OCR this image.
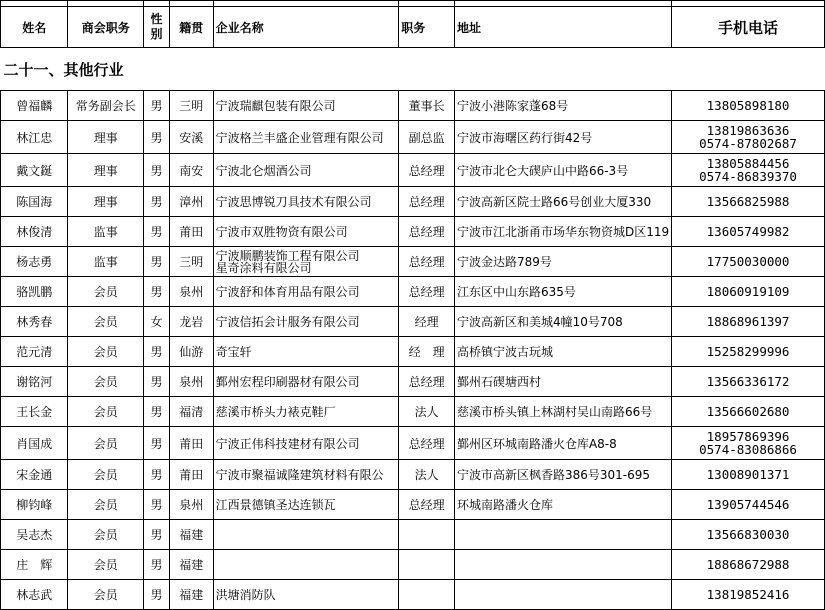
姓名	商会职务	性
别	籍贯	企业名称	职务	地址	手机电话
二十一、其他行业							
曾福麟	常务副会长	男	三明	宁波瑞麒包装有限公司	董事长	宁波小港陈家蓬68号	13805898180
林江忠	理事	男	安溪	宁波格兰丰盛企业管理有限公司	副总监	宁波市海曙区药行街42号	13819863636
0574-87802687

戴文鋋	理事	男	南安	宁波北仑烟酒公司	总经理	宁波市北仑大碶庐山中路66-3号	13805884456
0574-86839370

陈国海	理事	男	漳州	宁波思博锐刀具技术有限公司	总经理	宁波高新区院士路66号创业大厦330	13566825988
林俊清	监事	男	莆田	宁波市双胜物资有限公司	总经理	宁波市江北浙甬市场华东物资城D区119	13605749982
杨志勇	监事	男	三明	宁波顺鹏装饰工程有限公司
星奇涂料有限公司	总经理	宁波金达路789号	17750030000
骆凯鹏	会员	男	泉州	宁波舒和体育用品有限公司	总经理	江东区中山东路635号	18060919109
林秀春	会员	女	龙岩	宁波信拓会计服务有限公司	经理	宁波高新区和美城4幢10号708	18868961397
范元清	会员	男	仙游	奇宝轩	经　理	高桥镇宁波古玩城	15258299996
谢铭河	会员	男	泉州	鄞州宏程印刷器材有限公司	总经理	鄞州石碶塘西村	13566336172
王长金	会员	男	福清	慈溪市桥头力裱克鞋厂	法人	慈溪市桥头镇上林湖村吴山南路66号	13566602680
肖国成	会员	男	莆田	宁波正伟科技建材有限公司	总经理	鄞州区环城南路潘火仓库A8-8	18957869396
0574-83086866

宋金通	会员	男	莆田	宁波市聚福诚隆建筑材料有限公	法人	宁波市高新区枫香路386号301-695	13008901371
柳钧峰	会员	男	泉州	江西景德镇圣达连锁瓦	总经理	环城南路潘火仓库	13905744546
吴志杰	会员	男	福建				13566830030
庄　辉	会员	男	福建				18868672988
林志武	会员	男	福建	洪塘消防队			13819852416
